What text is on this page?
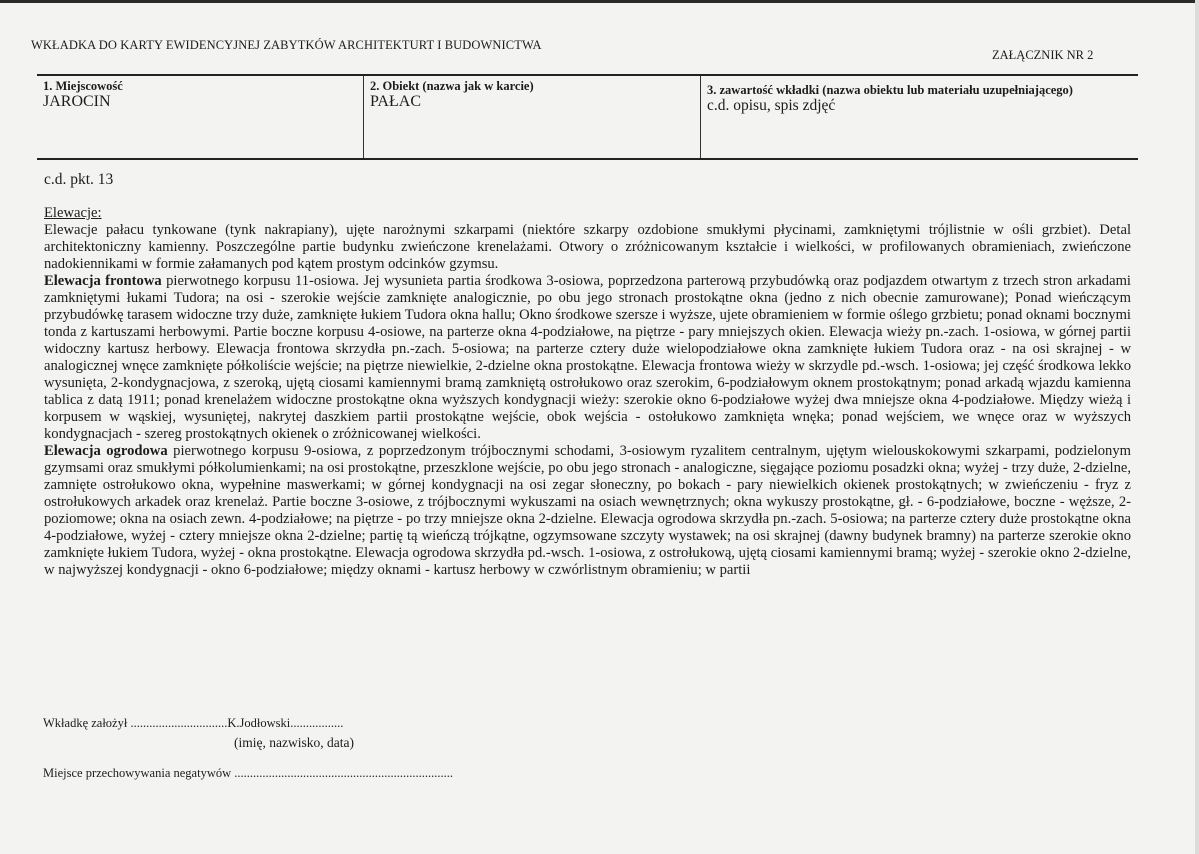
WKŁADKA DO KARTY EWIDENCYJNEJ ZABYTKÓW ARCHITEKTURT I BUDOWNICTWA
ZAŁĄCZNIK NR 2
1. Miejscowość
JAROCIN
2. Obiekt (nazwa jak w karcie)
PAŁAC
3. zawartość wkładki (nazwa obiektu lub materiału uzupełniającego)
c.d. opisu, spis zdjęć
c.d. pkt. 13

Elewacje:

Elewacje pałacu tynkowane (tynk nakrapiany), ujęte narożnymi szkarpami (niektóre szkarpy ozdobione smukłymi płycinami, zamkniętymi trójlistnie w ośli grzbiet). Detal architektoniczny kamienny. Poszczególne partie budynku zwieńczone krenelażami. Otwory o zróżnicowanym kształcie i wielkości, w profilowanych obramieniach, zwieńczone nadokiennikami w formie załamanych pod kątem prostym odcinków gzymsu.

Elewacja frontowa pierwotnego korpusu 11-osiowa. Jej wysunieta partia środkowa 3-osiowa, poprzedzona parterową przybudówką oraz podjazdem otwartym z trzech stron arkadami zamkniętymi łukami Tudora; na osi - szerokie wejście zamknięte analogicznie, po obu jego stronach prostokątne okna (jedno z nich obecnie zamurowane); Ponad wieńczącym przybudówkę tarasem widoczne trzy duże, zamknięte łukiem Tudora okna hallu; Okno środkowe szersze i wyższe, ujete obramieniem w formie oślego grzbietu; ponad oknami bocznymi tonda z kartuszami herbowymi. Partie boczne korpusu 4-osiowe, na parterze okna 4-podziałowe, na piętrze - pary mniejszych okien. Elewacja wieży pn.-zach. 1-osiowa, w górnej partii widoczny kartusz herbowy. Elewacja frontowa skrzydła pn.-zach. 5-osiowa; na parterze cztery duże wielopodziałowe okna zamknięte łukiem Tudora oraz - na osi skrajnej - w analogicznej wnęce zamknięte półkoliście wejście; na piętrze niewielkie, 2-dzielne okna prostokątne. Elewacja frontowa wieży w skrzydle pd.-wsch. 1-osiowa; jej część środkowa lekko wysunięta, 2-kondygnacjowa, z szeroką, ujętą ciosami kamiennymi bramą zamkniętą ostrołukowo oraz szerokim, 6-podziałowym oknem prostokątnym; ponad arkadą wjazdu kamienna tablica z datą 1911; ponad krenelażem widoczne prostokątne okna wyższych kondygnacji wieży: szerokie okno 6-podziałowe wyżej dwa mniejsze okna 4-podziałowe. Między wieżą i korpusem w wąskiej, wysuniętej, nakrytej daszkiem partii prostokątne wejście, obok wejścia - ostołukowo zamknięta wnęka; ponad wejściem, we wnęce oraz w wyższych kondygnacjach - szereg prostokątnych okienek o zróżnicowanej wielkości.

Elewacja ogrodowa pierwotnego korpusu 9-osiowa, z poprzedzonym trójbocznymi schodami, 3-osiowym ryzalitem centralnym, ujętym wielouskokowymi szkarpami, podzielonym gzymsami oraz smukłymi półkolumienkami; na osi prostokątne, przeszklone wejście, po obu jego stronach - analogiczne, sięgające poziomu posadzki okna; wyżej - trzy duże, 2-dzielne, zamnięte ostrołukowo okna, wypełnine maswerkami; w górnej kondygnacji na osi zegar słoneczny, po bokach - pary niewielkich okienek prostokątnych; w zwieńczeniu - fryz z ostrołukowych arkadek oraz krenelaż. Partie boczne 3-osiowe, z trójbocznymi wykuszami na osiach wewnętrznych; okna wykuszy prostokątne, gł. - 6-podziałowe, boczne - węższe, 2-poziomowe; okna na osiach zewn. 4-podziałowe; na piętrze - po trzy mniejsze okna 2-dzielne. Elewacja ogrodowa skrzydła pn.-zach. 5-osiowa; na parterze cztery duże prostokątne okna 4-podziałowe, wyżej - cztery mniejsze okna 2-dzielne; partię tą wieńczą trójkątne, ogzymsowane szczyty wystawek; na osi skrajnej (dawny budynek bramny) na parterze szerokie okno zamknięte łukiem Tudora, wyżej - okna prostokątne. Elewacja ogrodowa skrzydła pd.-wsch. 1-osiowa, z ostrołukową, ujętą ciosami kamiennymi bramą; wyżej - szerokie okno 2-dzielne, w najwyższej kondygnacji - okno 6-podziałowe; między oknami - kartusz herbowy w czwórlistnym obramieniu; w partii

Wkładkę założył ...............................K.Jodłowski.................
(imię, nazwisko, data)
Miejsce przechowywania negatywów ......................................................................
